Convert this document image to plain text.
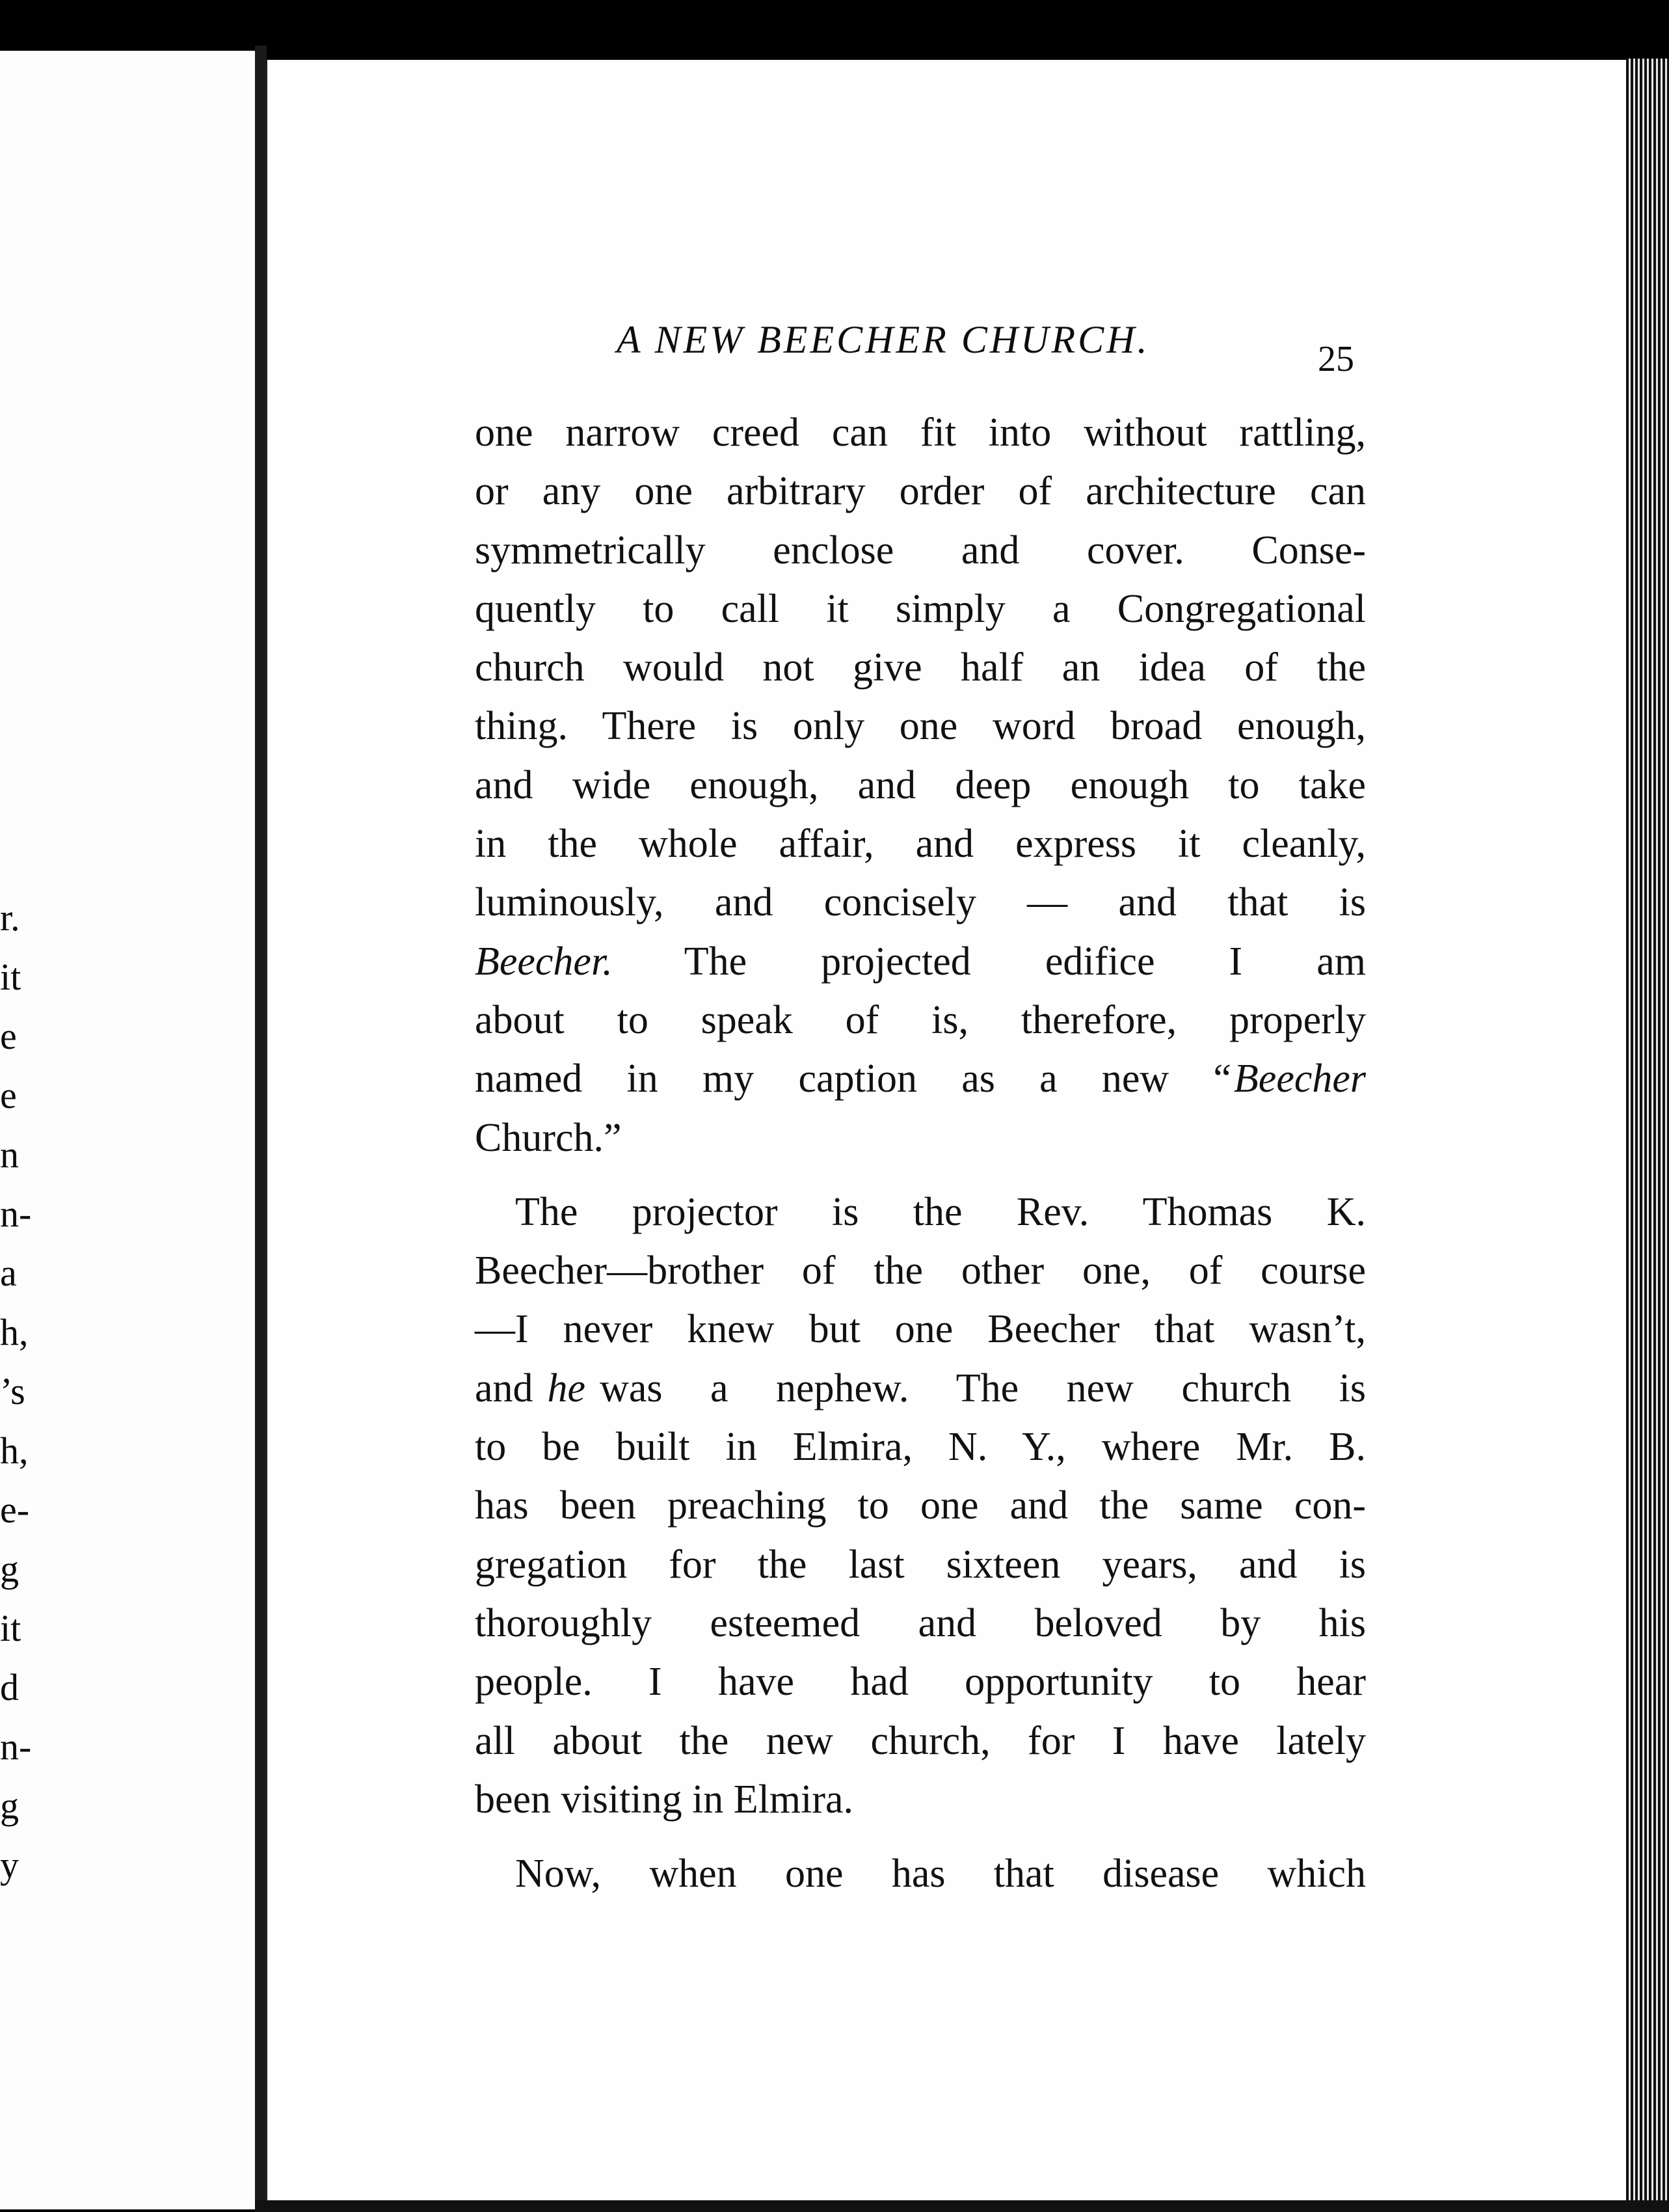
r.
it
e
e
n
n-
a
h,
’s
h,
e-
g
it
d
n-
g
y
A NEW BEECHER CHURCH.	25
one narrow creed can fit into without rattling,
or any one arbitrary order of architecture can
symmetrically enclose and cover. Conse-
quently to call it simply a Congregational
church would not give half an idea of the
thing. There is only one word broad enough,
and wide enough, and deep enough to take
in the whole affair, and express it cleanly,
luminously, and concisely — and that is
Beecher. The projected edifice I am
about to speak of is, therefore, properly
named in my caption as a new “ Beecher
Church.”
The projector is the Rev. Thomas K.
Beecher—brother of the other one, of course
—I never knew but one Beecher that wasn’t,
and he was a nephew. The new church is
to be built in Elmira, N. Y., where Mr. B.
has been preaching to one and the same con-
gregation for the last sixteen years, and is
thoroughly esteemed and beloved by his
people. I have had opportunity to hear
all about the new church, for I have lately
been visiting in Elmira.
Now, when one has that disease which
